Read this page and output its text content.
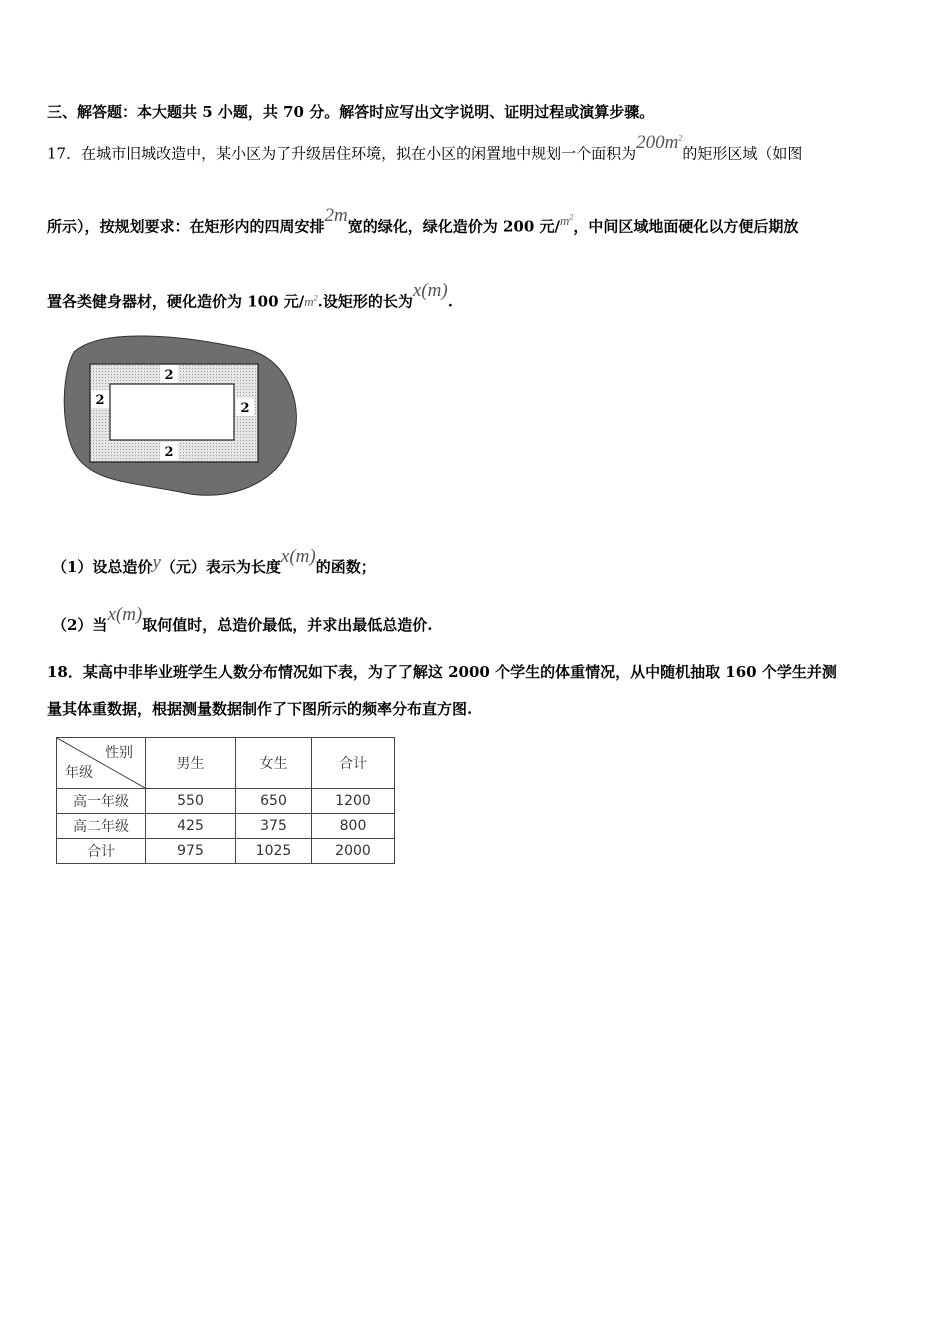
三、解答题：本大题共 5 小题，共 70 分。解答时应写出文字说明、证明过程或演算步骤。
17．在城市旧城改造中，某小区为了升级居住环境，拟在小区的闲置地中规划一个面积为$200m^2$的矩形区域（如图
所示），按规划要求：在矩形内的四周安排2m宽的绿化，绿化造价为 200 元$/m^2$，中间区域地面硬化以方便后期放
置各类健身器材，硬化造价为 100 元$/m^2$.设矩形的长为x(m).
2
2
2
2
（1）设总造价y（元）表示为长度x(m)的函数；
（2）当x(m)取何值时，总造价最低，并求出最低总造价.
18．某高中非毕业班学生人数分布情况如下表，为了了解这 2000 个学生的体重情况，从中随机抽取 160 个学生并测
量其体重数据，根据测量数据制作了下图所示的频率分布直方图.
性别
年级	男生	女生	合计
高一年级	550	650	1200
高二年级	425	375	800
合计	975	1025	2000
